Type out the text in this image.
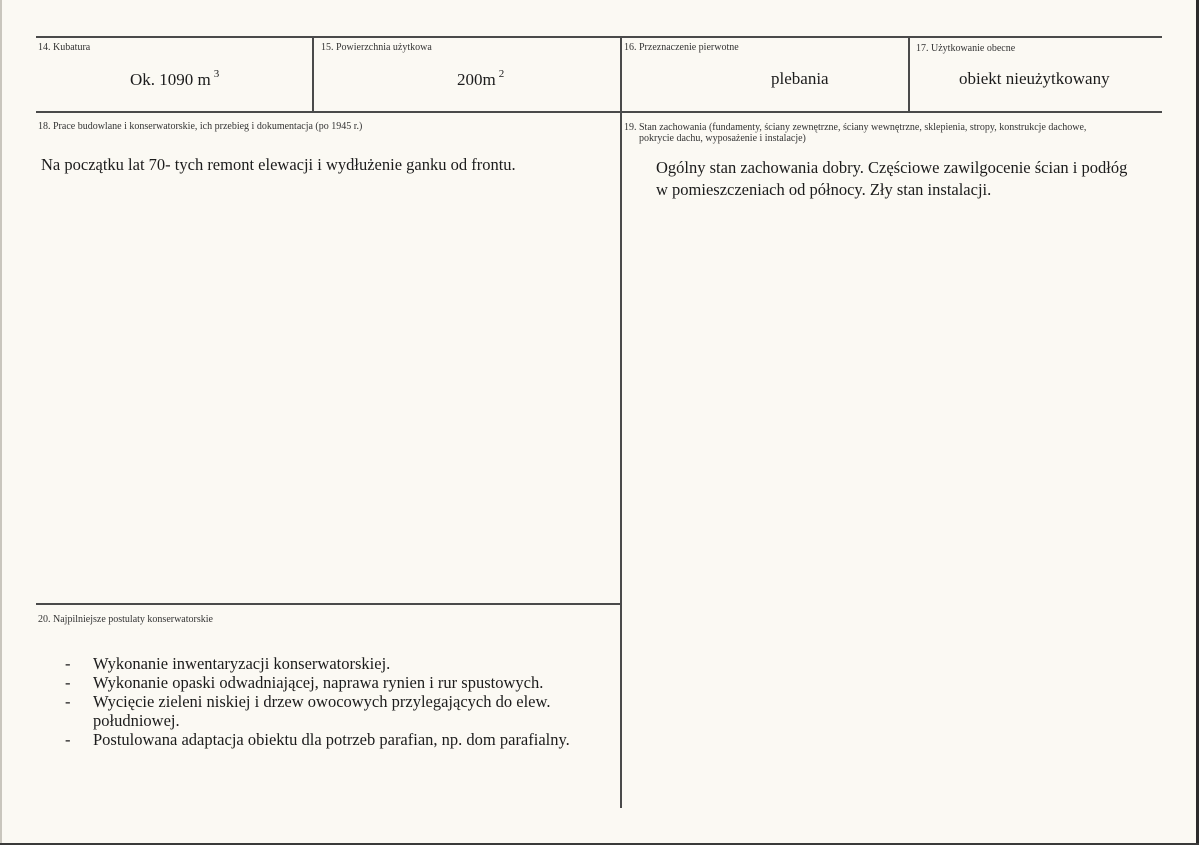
14. Kubatura
Ok. 1090 m $^3$
15. Powierzchnia użytkowa
200m $^2$
16. Przeznaczenie pierwotne
plebania
17. Użytkowanie obecne
obiekt nieużytkowany
18. Prace budowlane i konserwatorskie, ich przebieg i dokumentacja (po 1945 r.)
Na początku lat 70- tych remont elewacji i wydłużenie ganku od frontu.
19. Stan zachowania (fundamenty, ściany zewnętrzne, ściany wewnętrzne, sklepienia, stropy, konstrukcje dachowe,
pokrycie dachu, wyposażenie i instalacje)
Ogólny stan zachowania dobry. Częściowe zawilgocenie ścian i podłóg
w pomieszczeniach od północy. Zły stan instalacji.
20. Najpilniejsze postulaty konserwatorskie
- Wykonanie inwentaryzacji konserwatorskiej.
- Wykonanie opaski odwadniającej, naprawa rynien i rur spustowych.
- Wycięcie zieleni niskiej i drzew owocowych przylegających do elew.
południowej.
- Postulowana adaptacja obiektu dla potrzeb parafian, np. dom parafialny.
